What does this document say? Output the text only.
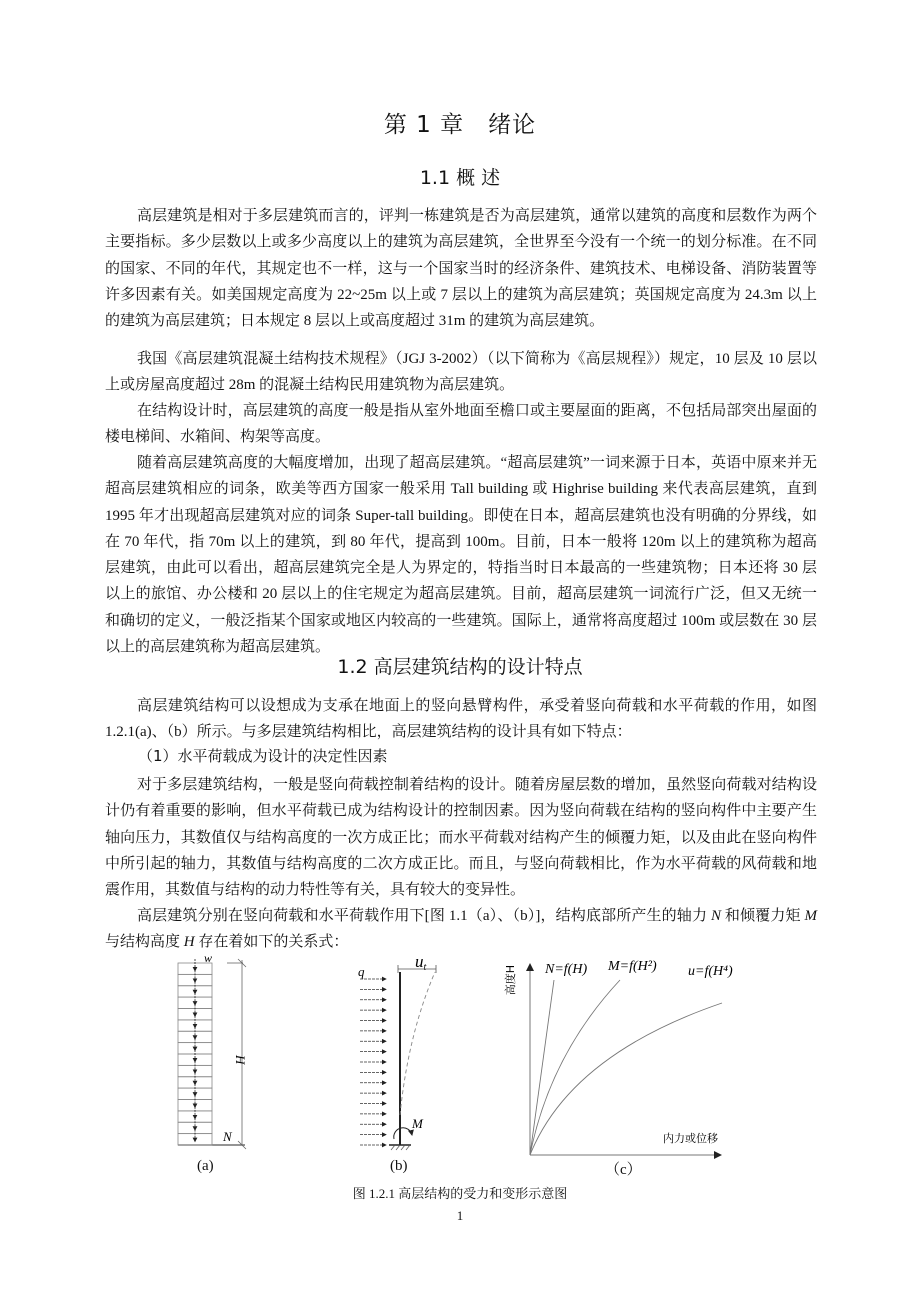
第 1 章　绪论
1.1 概 述

高层建筑是相对于多层建筑而言的，评判一栋建筑是否为高层建筑，通常以建筑的高度和层数作为两个主要指标。多少层数以上或多少高度以上的建筑为高层建筑，全世界至今没有一个统一的划分标准。在不同的国家、不同的年代，其规定也不一样，这与一个国家当时的经济条件、建筑技术、电梯设备、消防装置等许多因素有关。如美国规定高度为 22~25m 以上或 7 层以上的建筑为高层建筑；英国规定高度为 24.3m 以上的建筑为高层建筑；日本规定 8 层以上或高度超过 31m 的建筑为高层建筑。

我国《高层建筑混凝土结构技术规程》（JGJ 3-2002）（以下简称为《高层规程》）规定，10 层及 10 层以上或房屋高度超过 28m 的混凝土结构民用建筑物为高层建筑。

在结构设计时，高层建筑的高度一般是指从室外地面至檐口或主要屋面的距离，不包括局部突出屋面的楼电梯间、水箱间、构架等高度。

随着高层建筑高度的大幅度增加，出现了超高层建筑。“超高层建筑”一词来源于日本，英语中原来并无超高层建筑相应的词条，欧美等西方国家一般采用 Tall building 或 Highrise building 来代表高层建筑，直到 1995 年才出现超高层建筑对应的词条 Super-tall building。即使在日本，超高层建筑也没有明确的分界线，如在 70 年代，指 70m 以上的建筑，到 80 年代，提高到 100m。目前，日本一般将 120m 以上的建筑称为超高层建筑，由此可以看出，超高层建筑完全是人为界定的，特指当时日本最高的一些建筑物；日本还将 30 层以上的旅馆、办公楼和 20 层以上的住宅规定为超高层建筑。目前，超高层建筑一词流行广泛，但又无统一和确切的定义，一般泛指某个国家或地区内较高的一些建筑。国际上，通常将高度超过 100m 或层数在 30 层以上的高层建筑称为超高层建筑。

1.2 高层建筑结构的设计特点

高层建筑结构可以设想成为支承在地面上的竖向悬臂构件，承受着竖向荷载和水平荷载的作用，如图 1.2.1(a)、（b）所示。与多层建筑结构相比，高层建筑结构的设计具有如下特点：

（1）水平荷载成为设计的决定性因素

对于多层建筑结构，一般是竖向荷载控制着结构的设计。随着房屋层数的增加，虽然竖向荷载对结构设计仍有着重要的影响，但水平荷载已成为结构设计的控制因素。因为竖向荷载在结构的竖向构件中主要产生轴向压力，其数值仅与结构高度的一次方成正比；而水平荷载对结构产生的倾覆力矩，以及由此在竖向构件中所引起的轴力，其数值与结构高度的二次方成正比。而且，与竖向荷载相比，作为水平荷载的风荷载和地震作用，其数值与结构的动力特性等有关，具有较大的变异性。

高层建筑分别在竖向荷载和水平荷载作用下[图 1.1（a）、（b）]，结构底部所产生的轴力 N 和倾覆力矩 M 与结构高度 H 存在着如下的关系式：

w
N
H
q
ut
M
高度H N=f(H) M=f(H²) u=f(H⁴)
内力或位移
(a)	(b)	（c）
图 1.2.1 高层结构的受力和变形示意图
1
